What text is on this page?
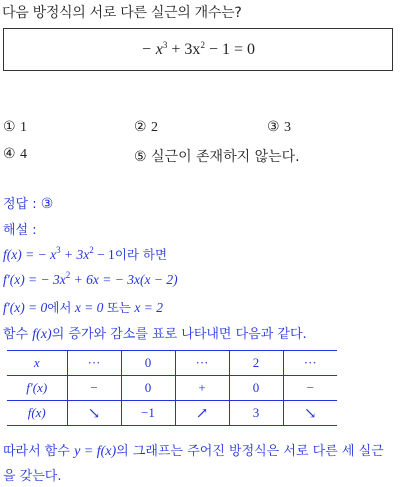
다음 방정식의 서로 다른 실근의 개수는?
− $x^3 + 3x^2 - 1 = 0$
① 1	② 2	③ 3
④ 4	⑤ 실근이 존재하지 않는다.
정답 : ③
해설 :
f(x) = − $x^3 + 3x^2 - 1$이라 하면
f′(x) = − $3x^2 + 6x$ = − 3x(x − 2)
f′(x) = 0에서 x = 0 또는 x = 2
함수 f(x)의 증가와 감소를 표로 나타내면 다음과 같다.
x	···	0	···	2	···
f′(x)	−	0	+	0	−
f(x)	↘	−1	↗	3	↘
따라서 함수 y = f(x)의 그래프는 주어진 방정식은 서로 다른 세 실근
을 갖는다.
